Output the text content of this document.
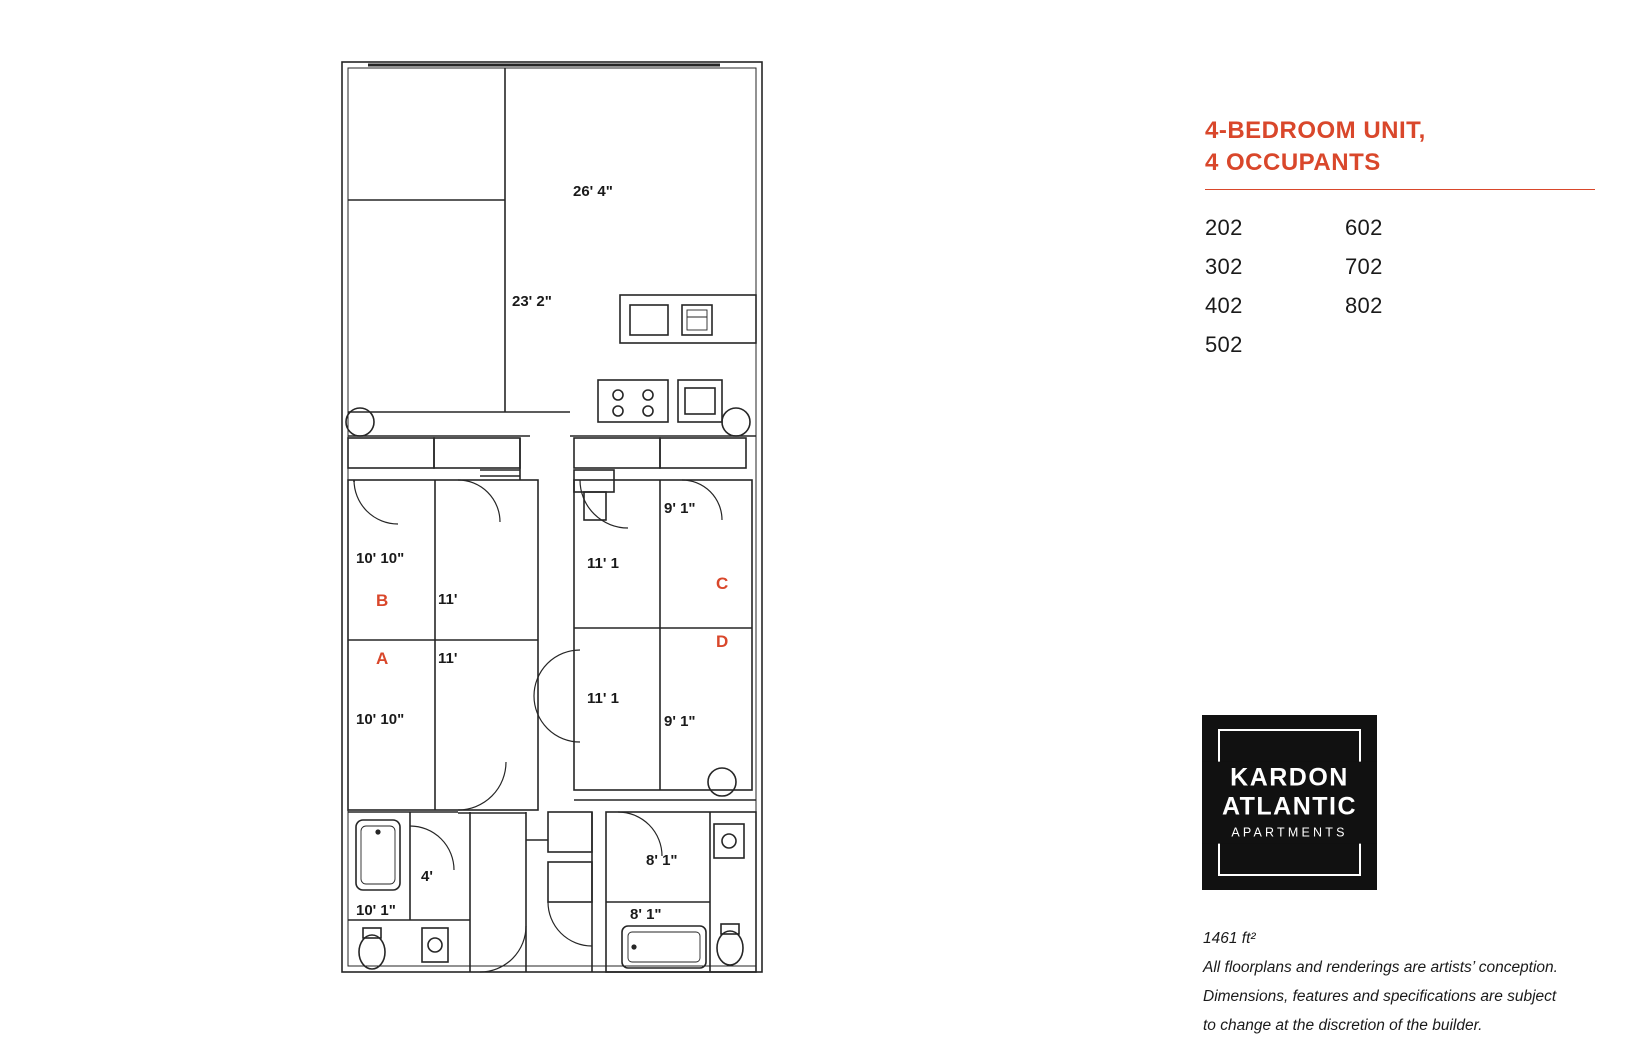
26' 4"
23' 2"
10' 10"
11'
11'
10' 10"
9' 1"
11' 1
11' 1
9' 1"
4'
10' 1"
8' 1"
8' 1"
B
A
C
D
4-BEDROOM UNIT,
4 OCCUPANTS
202
302
402
502
602
702
802
KARDON
ATLANTIC
APARTMENTS
1461 ft²
All floorplans and renderings are artists’ conception.
Dimensions, features and specifications are subject
to change at the discretion of the builder.
